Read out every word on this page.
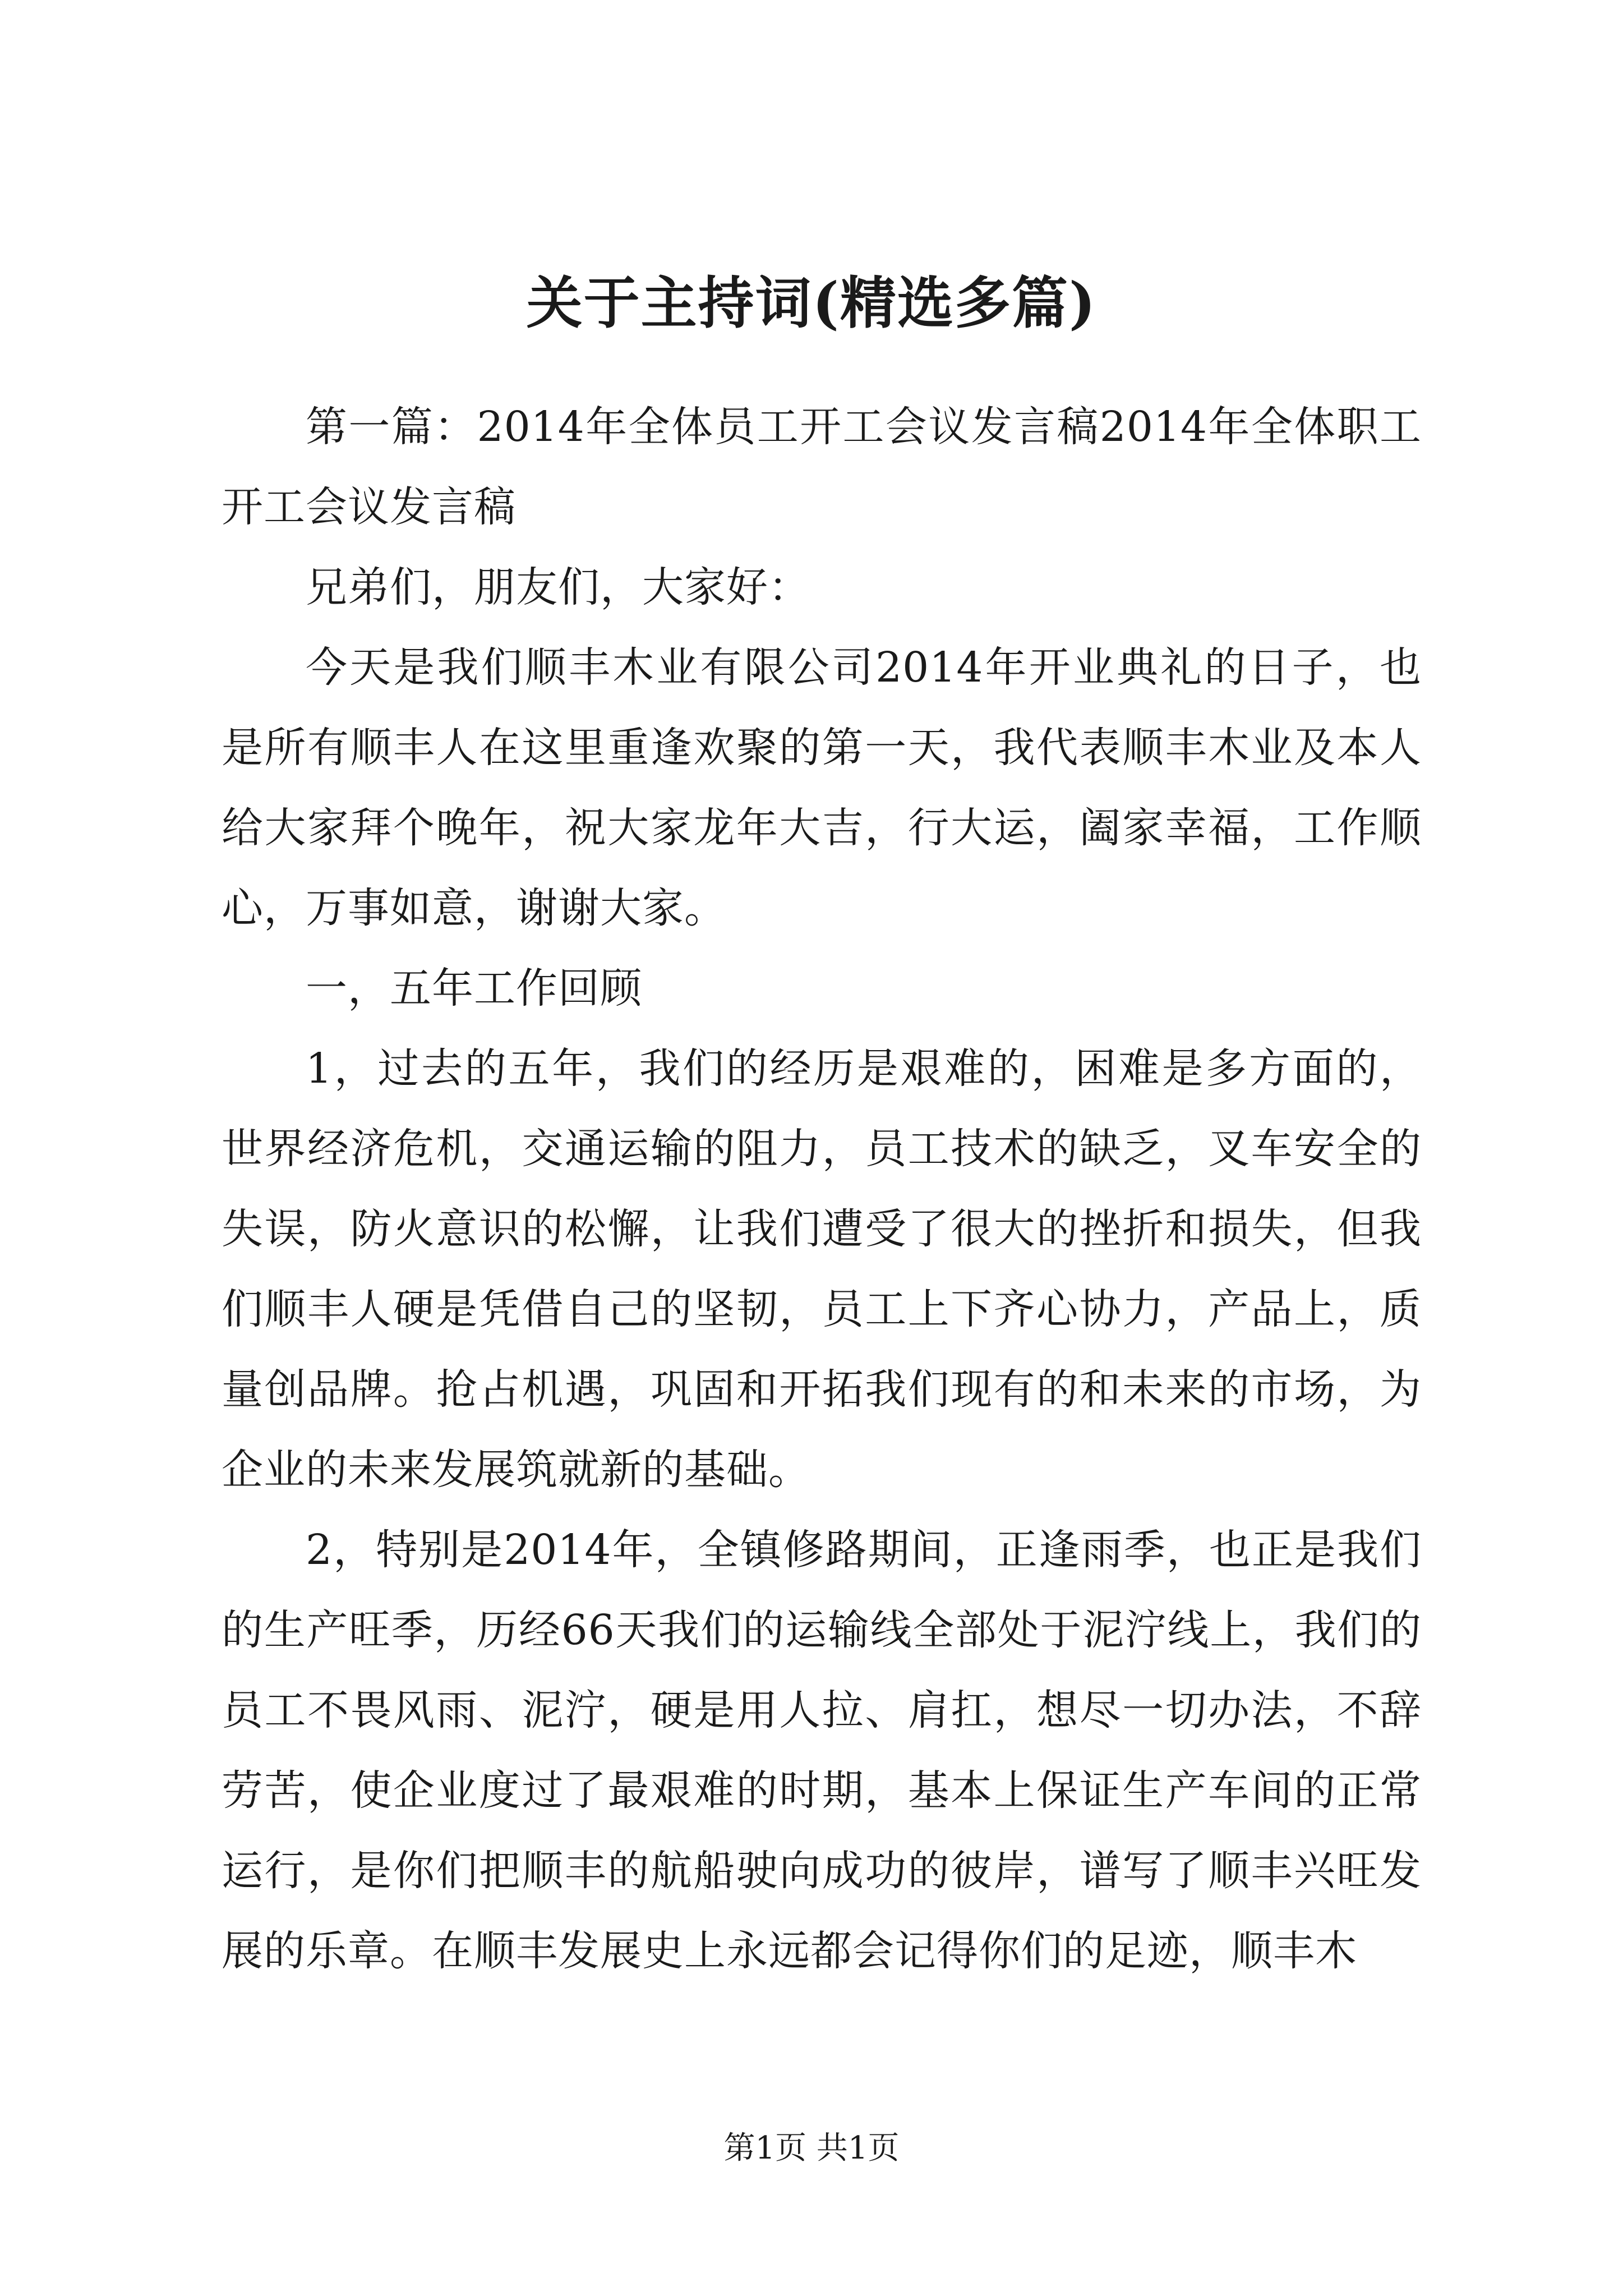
关于主持词(精选多篇)

第一篇：2014年全体员工开工会议发言稿2014年全体职工开工会议发言稿

兄弟们，朋友们，大家好：

今天是我们顺丰木业有限公司2014年开业典礼的日子，也是所有顺丰人在这里重逢欢聚的第一天，我代表顺丰木业及本人给大家拜个晚年，祝大家龙年大吉，行大运，阖家幸福，工作顺心，万事如意，谢谢大家。

一，五年工作回顾

1，过去的五年，我们的经历是艰难的，困难是多方面的，世界经济危机，交通运输的阻力，员工技术的缺乏，叉车安全的失误，防火意识的松懈，让我们遭受了很大的挫折和损失，但我们顺丰人硬是凭借自己的坚韧，员工上下齐心协力，产品上，质量创品牌。抢占机遇，巩固和开拓我们现有的和未来的市场，为企业的未来发展筑就新的基础。

2，特别是2014年，全镇修路期间，正逢雨季，也正是我们的生产旺季，历经66天我们的运输线全部处于泥泞线上，我们的员工不畏风雨、泥泞，硬是用人拉、肩扛，想尽一切办法，不辞劳苦，使企业度过了最艰难的时期，基本上保证生产车间的正常运行，是你们把顺丰的航船驶向成功的彼岸，谱写了顺丰兴旺发展的乐章。在顺丰发展史上永远都会记得你们的足迹，顺丰木

第1页 共1页
